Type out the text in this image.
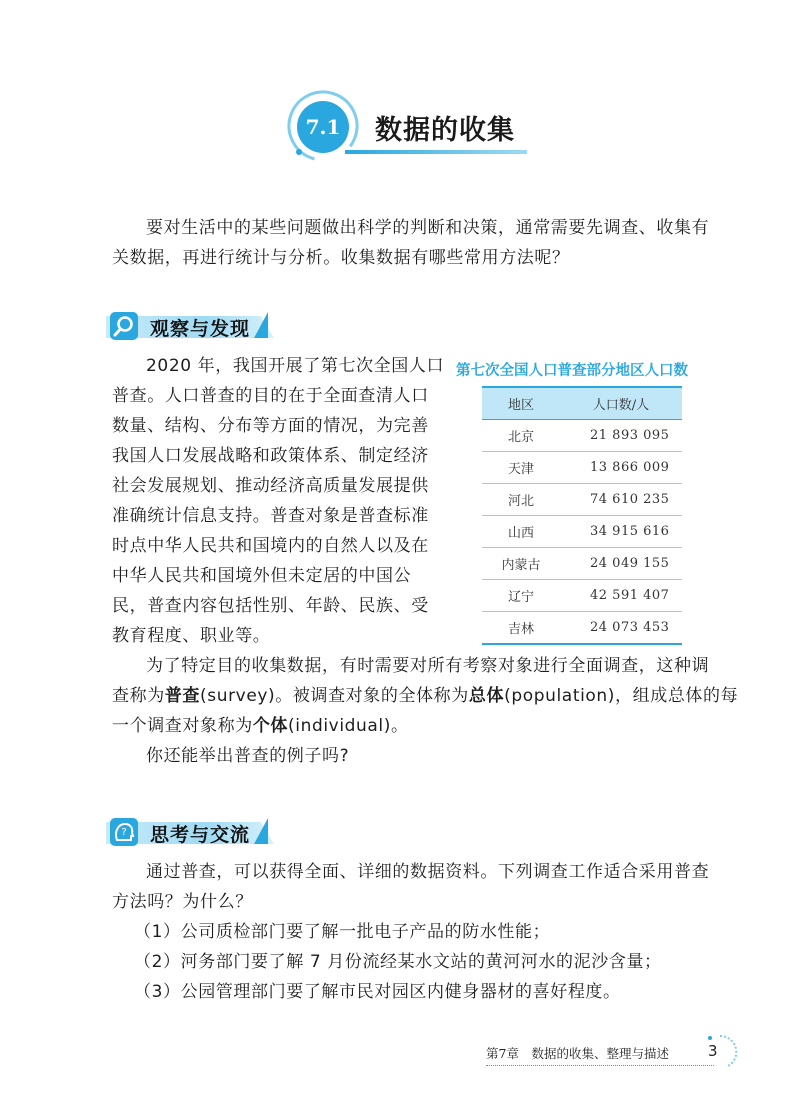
7.1	数据的收集

要对生活中的某些问题做出科学的判断和决策，通常需要先调查、收集有
关数据，再进行统计与分析。收集数据有哪些常用方法呢？

观察与发现

2020 年，我国开展了第七次全国人口
普查。人口普查的目的在于全面查清人口
数量、结构、分布等方面的情况，为完善
我国人口发展战略和政策体系、制定经济
社会发展规划、推动经济高质量发展提供
准确统计信息支持。普查对象是普查标准
时点中华人民共和国境内的自然人以及在
中华人民共和国境外但未定居的中国公
民，普查内容包括性别、年龄、民族、受
教育程度、职业等。

第七次全国人口普查部分地区人口数
地区	人口数/人
北京	21 893 095
天津	13 866 009
河北	74 610 235
山西	34 915 616
内蒙古	24 049 155
辽宁	42 591 407
吉林	24 073 453

为了特定目的收集数据，有时需要对所有考察对象进行全面调查，这种调
查称为普查(survey)。被调查对象的全体称为总体(population)，组成总体的每
一个调查对象称为个体(individual)。
你还能举出普查的例子吗?

? 思考与交流

通过普查，可以获得全面、详细的数据资料。下列调查工作适合采用普查
方法吗？为什么？
（1）公司质检部门要了解一批电子产品的防水性能；
（2）河务部门要了解 7 月份流经某水文站的黄河河水的泥沙含量；
（3）公园管理部门要了解市民对园区内健身器材的喜好程度。

第7章　数据的收集、整理与描述	3
